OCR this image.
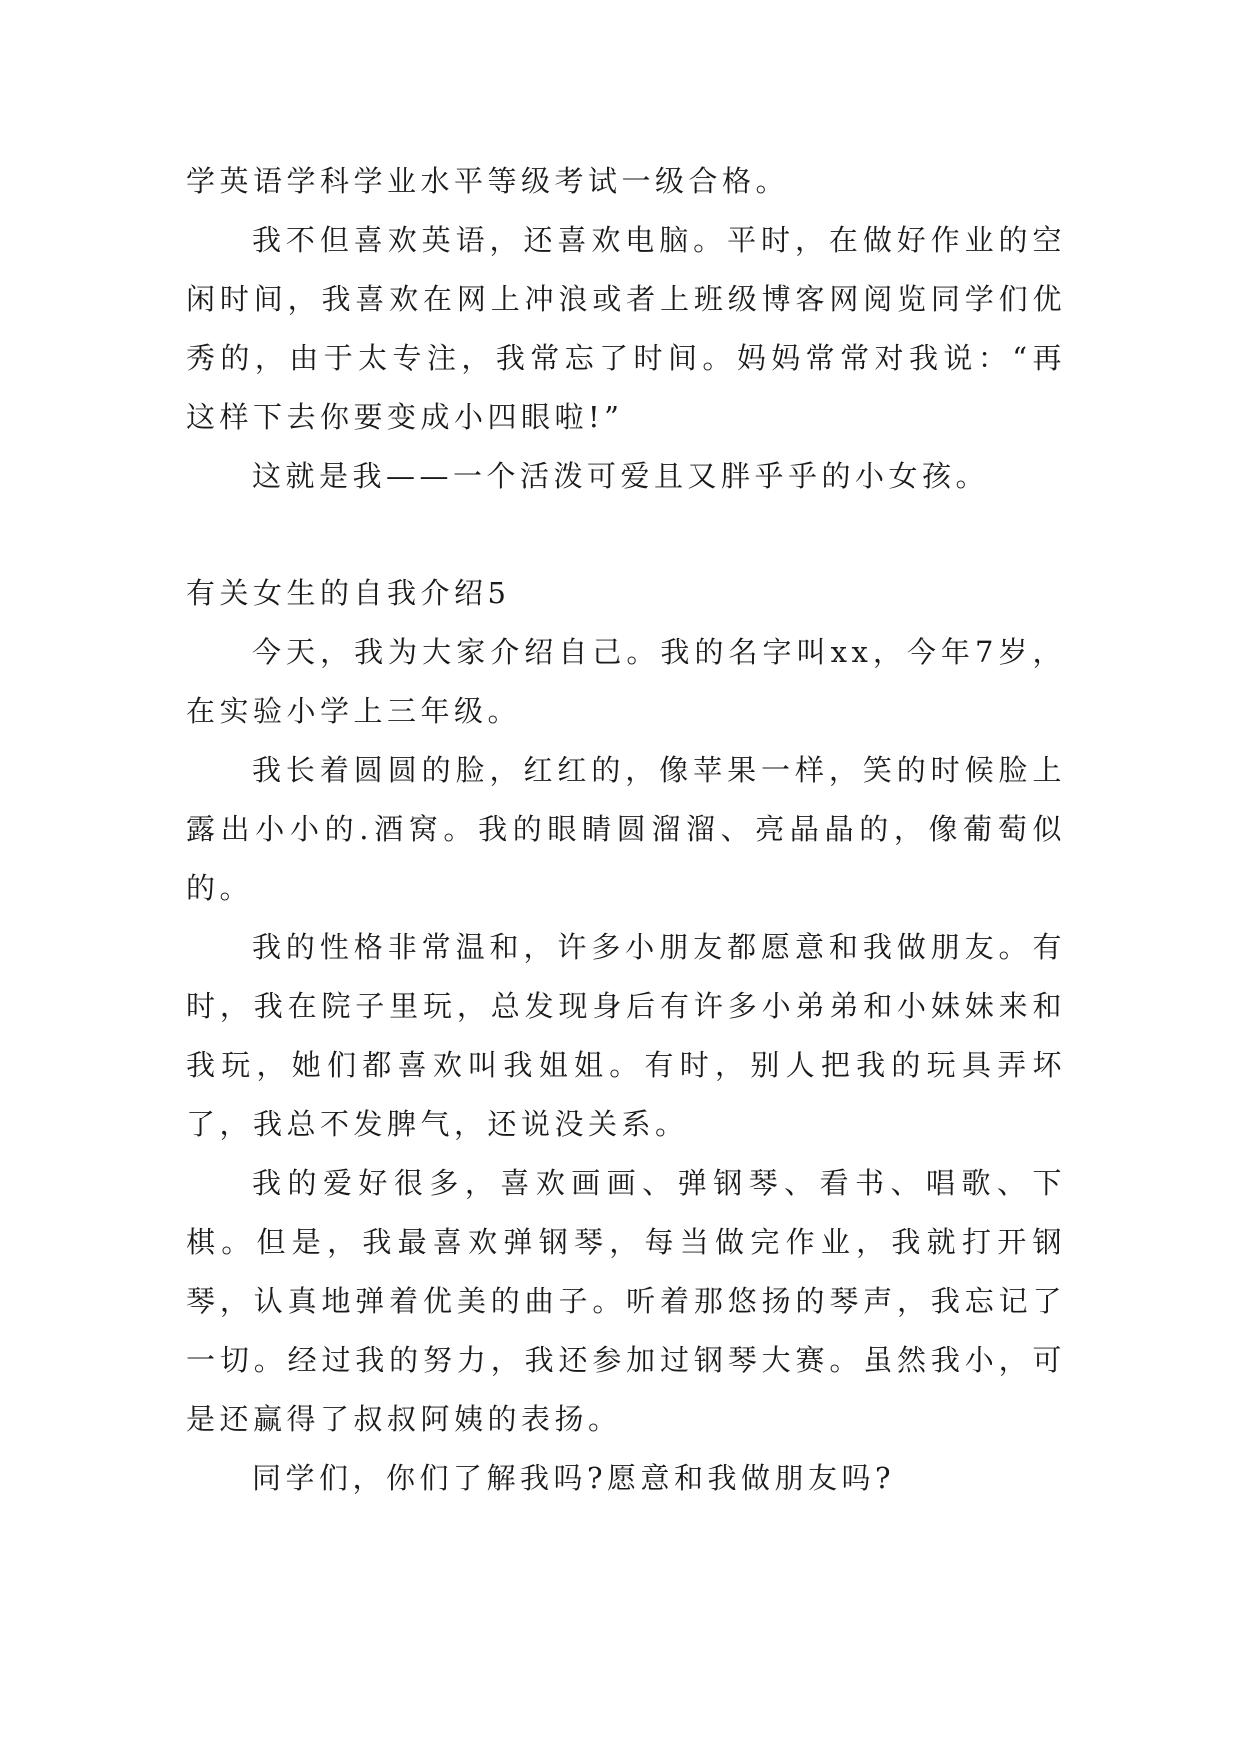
学英语学科学业水平等级考试一级合格。

我不但喜欢英语，还喜欢电脑。平时，在做好作业的空闲时间，我喜欢在网上冲浪或者上班级博客网阅览同学们优秀的，由于太专注，我常忘了时间。妈妈常常对我说：“再这样下去你要变成小四眼啦!”

这就是我——一个活泼可爱且又胖乎乎的小女孩。

有关女生的自我介绍5

今天，我为大家介绍自己。我的名字叫xx，今年7岁，在实验小学上三年级。

我长着圆圆的脸，红红的，像苹果一样，笑的时候脸上露出小小的.酒窝。我的眼睛圆溜溜、亮晶晶的，像葡萄似的。

我的性格非常温和，许多小朋友都愿意和我做朋友。有时，我在院子里玩，总发现身后有许多小弟弟和小妹妹来和我玩，她们都喜欢叫我姐姐。有时，别人把我的玩具弄坏了，我总不发脾气，还说没关系。

我的爱好很多，喜欢画画、弹钢琴、看书、唱歌、下棋。但是，我最喜欢弹钢琴，每当做完作业，我就打开钢琴，认真地弹着优美的曲子。听着那悠扬的琴声，我忘记了一切。经过我的努力，我还参加过钢琴大赛。虽然我小，可是还赢得了叔叔阿姨的表扬。

同学们，你们了解我吗?愿意和我做朋友吗?
